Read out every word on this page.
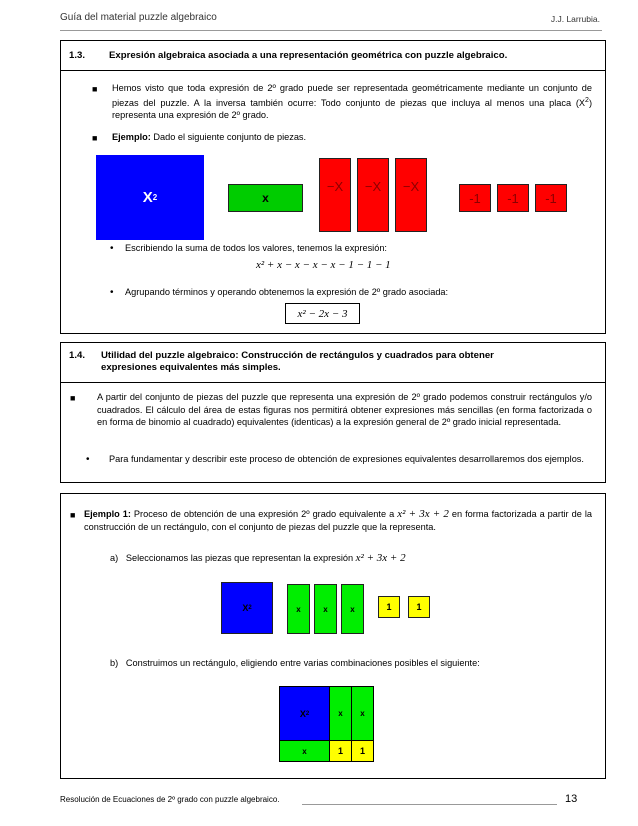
Guía del material puzzle algebraico	J.J. Larrubia.
1.3.	Expresión algebraica asociada a una representación geométrica con puzzle algebraico.
■ Hemos visto que toda expresión de 2º grado puede ser representada geométricamente mediante un conjunto de piezas del puzzle. A la inversa también ocurre: Todo conjunto de piezas que incluya al menos una placa $(X^2)$ representa una expresión de 2º grado.
■ Ejemplo: Dado el siguiente conjunto de piezas.
X 2	x
−X	−X	−X
-1	-1	-1
• Escribiendo la suma de todos los valores, tenemos la expresión:
x² + x − x − x − x − 1 − 1 − 1
• Agrupando términos y operando obtenemos la expresión de 2º grado asociada:
x² − 2x − 3
1.4. Utilidad del puzzle algebraico: Construcción de rectángulos y cuadrados para obtener
expresiones equivalentes más simples.
■ A partir del conjunto de piezas del puzzle que representa una expresión de 2º grado podemos construir rectángulos y/o cuadrados. El cálculo del área de estas figuras nos permitirá obtener expresiones más sencillas (en forma factorizada o en forma de binomio al cuadrado) equivalentes (identicas) a la expresión general de 2º grado inicial representada.
•	Para fundamentar y describir este proceso de obtención de expresiones equivalentes desarrollaremos dos ejemplos.
■ Ejemplo 1: Proceso de obtención de una expresión 2º grado equivalente a x² + 3x + 2 en forma factorizada a partir de la construcción de un rectángulo, con el conjunto de piezas del puzzle que la representa.
a) Seleccionamos las piezas que representan la expresión x² + 3x + 2
X 2	x	x	x	1	1
b) Construimos un rectángulo, eligiendo entre varias combinaciones posibles el siguiente:
X 2	x	x
x	1	1
Resolución de Ecuaciones de 2º grado con puzzle algebraico.	13
